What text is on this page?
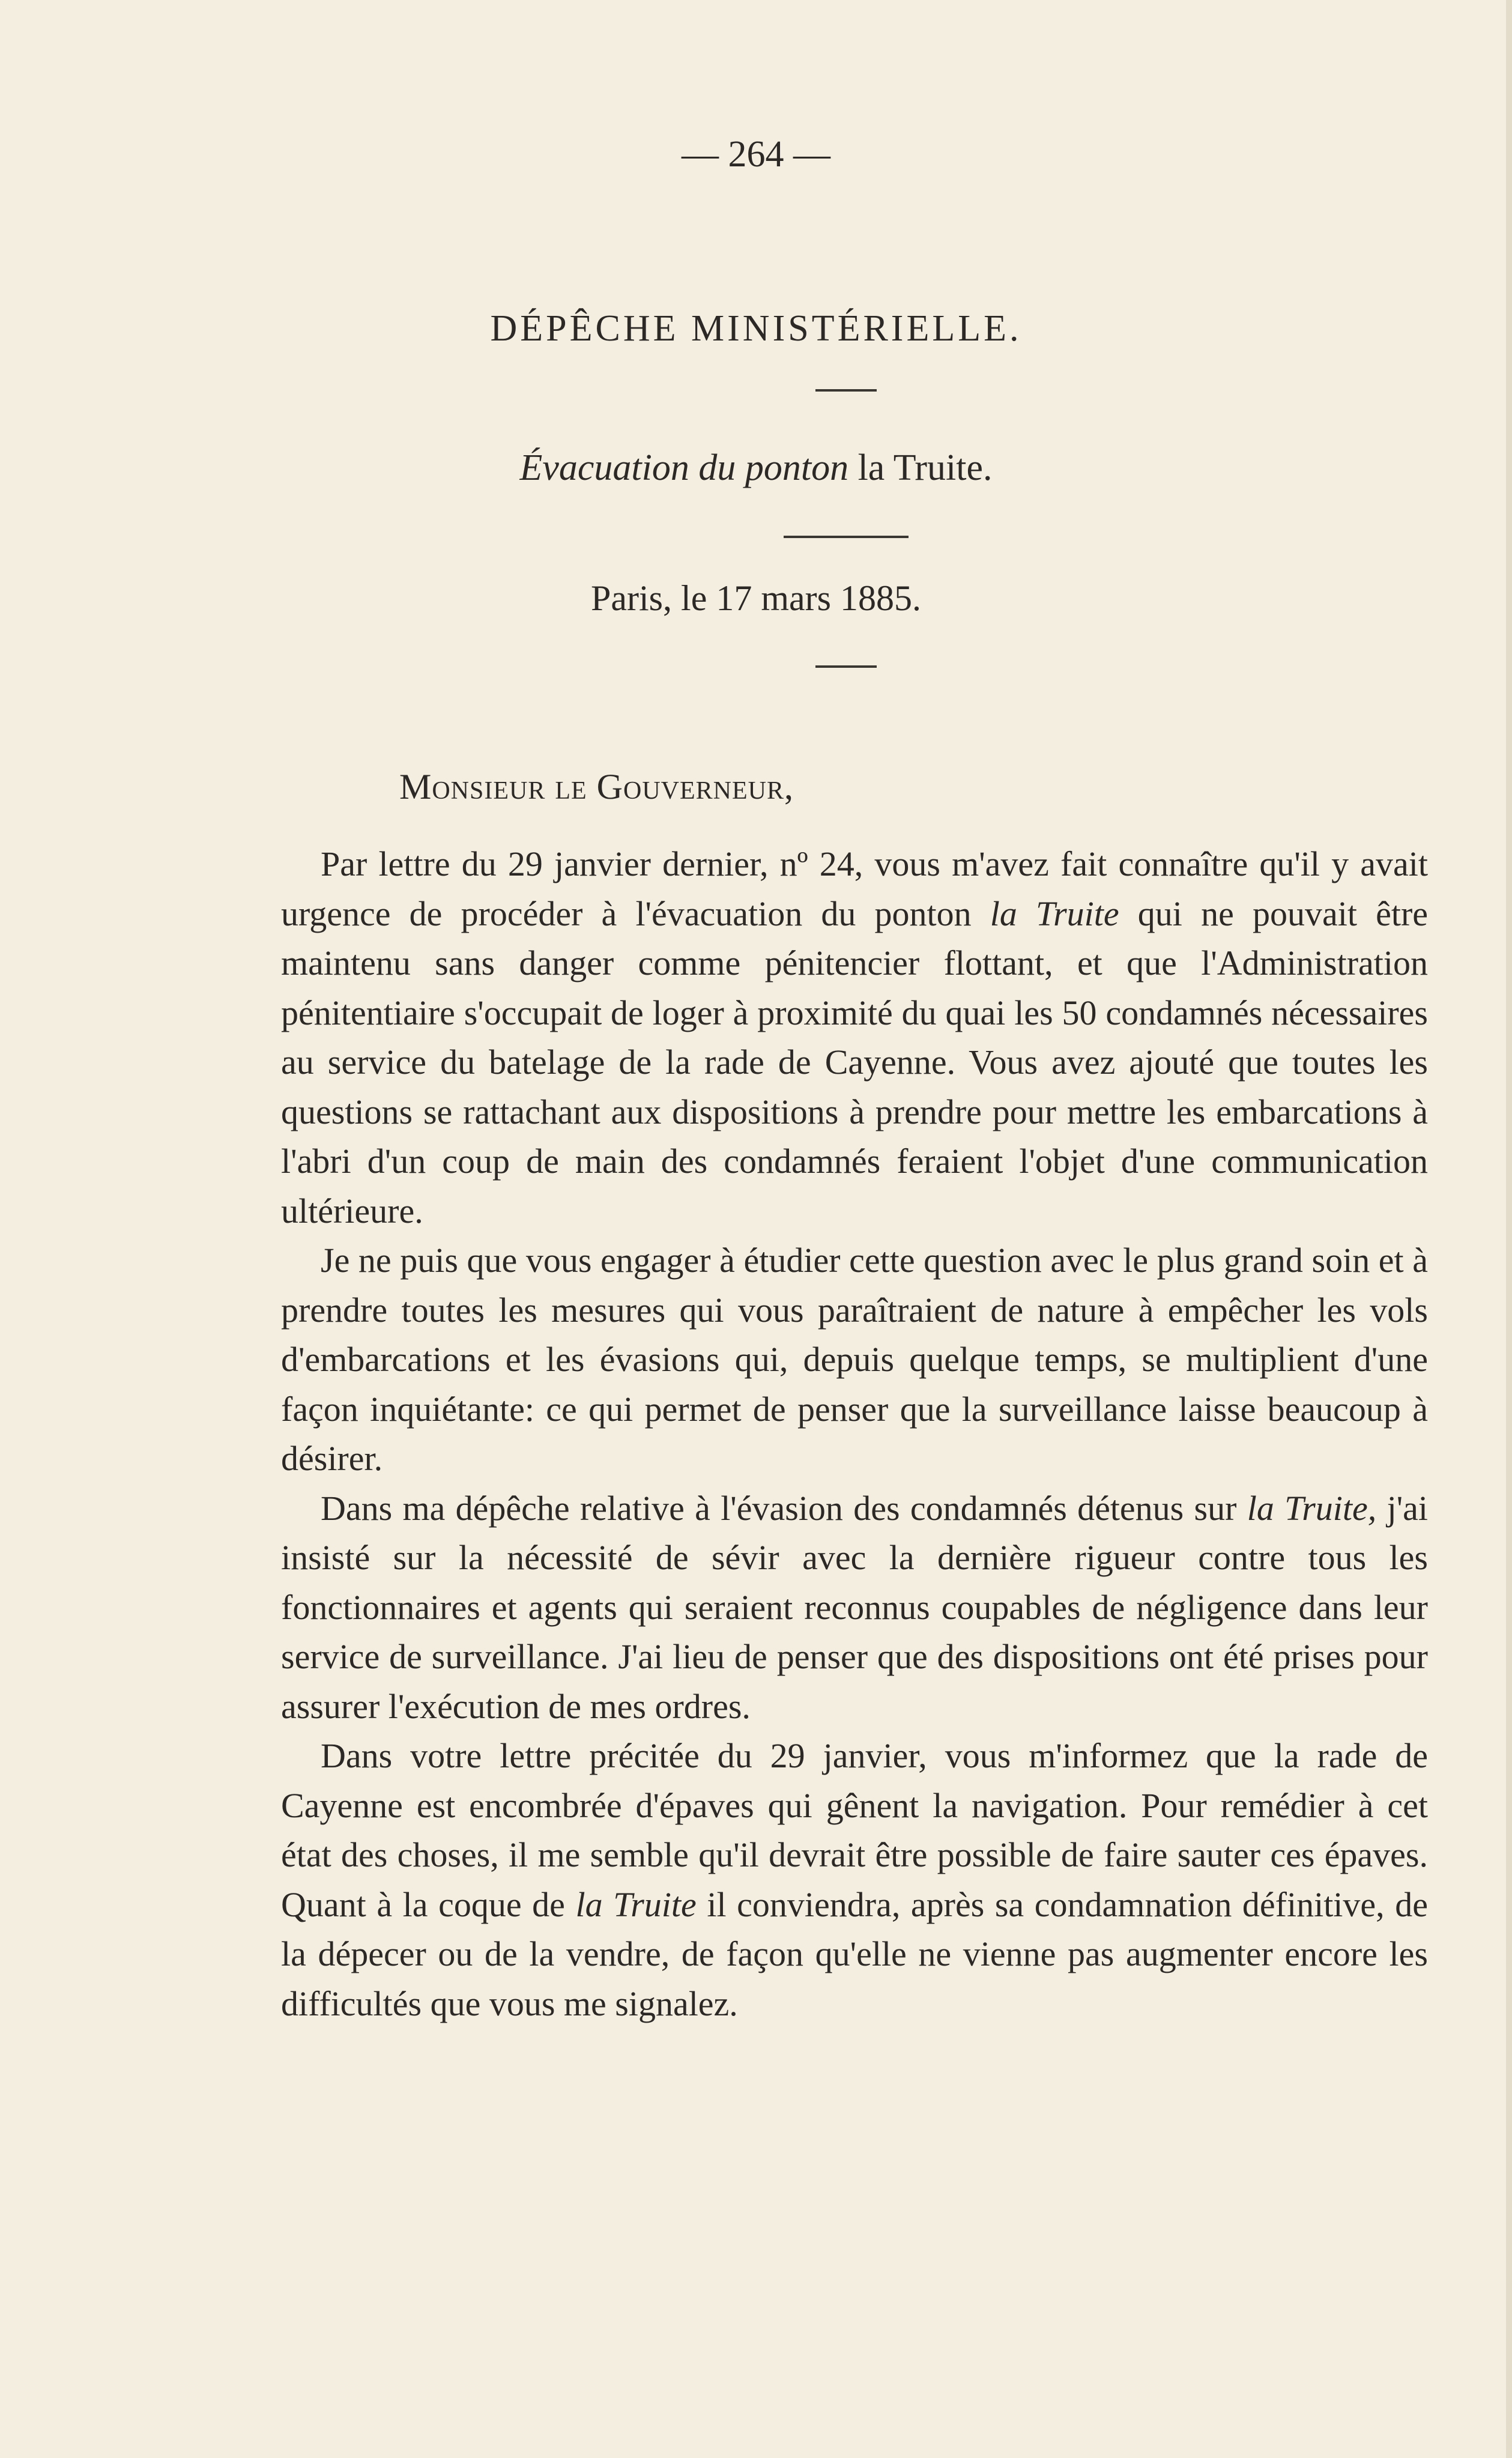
— 264 —
DÉPÊCHE MINISTÉRIELLE.
Évacuation du ponton la Truite.
Paris, le 17 mars 1885.
Monsieur le Gouverneur,

Par lettre du 29 janvier dernier, nº 24, vous m'avez fait connaître qu'il y avait urgence de procéder à l'évacuation du ponton la Truite qui ne pouvait être maintenu sans danger comme pénitencier flottant, et que l'Administration pénitentiaire s'occupait de loger à proximité du quai les 50 condamnés nécessaires au service du batelage de la rade de Cayenne. Vous avez ajouté que toutes les questions se rattachant aux dispositions à prendre pour mettre les embarcations à l'abri d'un coup de main des condamnés feraient l'objet d'une communication ultérieure.

Je ne puis que vous engager à étudier cette question avec le plus grand soin et à prendre toutes les mesures qui vous paraîtraient de nature à empêcher les vols d'embarcations et les évasions qui, depuis quelque temps, se multiplient d'une façon inquiétante: ce qui permet de penser que la surveillance laisse beaucoup à désirer.

Dans ma dépêche relative à l'évasion des condamnés détenus sur la Truite, j'ai insisté sur la nécessité de sévir avec la dernière rigueur contre tous les fonctionnaires et agents qui seraient reconnus coupables de négligence dans leur service de surveillance. J'ai lieu de penser que des dispositions ont été prises pour assurer l'exécution de mes ordres.

Dans votre lettre précitée du 29 janvier, vous m'informez que la rade de Cayenne est encombrée d'épaves qui gênent la navigation. Pour remédier à cet état des choses, il me semble qu'il devrait être possible de faire sauter ces épaves. Quant à la coque de la Truite il conviendra, après sa condamnation définitive, de la dépecer ou de la vendre, de façon qu'elle ne vienne pas augmenter encore les difficultés que vous me signalez.
